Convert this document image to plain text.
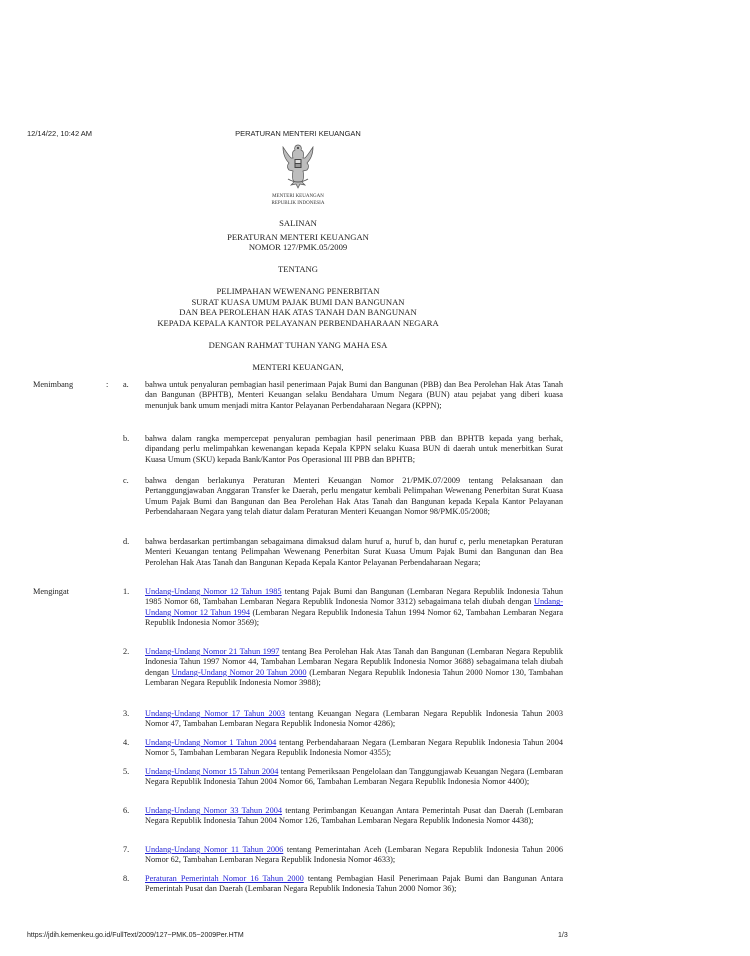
12/14/22, 10:42 AM	PERATURAN MENTERI KEUANGAN
MENTERI KEUANGAN
REPUBLIK INDONESIA
SALINAN
PERATURAN MENTERI KEUANGAN
NOMOR 127/PMK.05/2009
TENTANG
PELIMPAHAN WEWENANG PENERBITAN
SURAT KUASA UMUM PAJAK BUMI DAN BANGUNAN
DAN BEA PEROLEHAN HAK ATAS TANAH DAN BANGUNAN
KEPADA KEPALA KANTOR PELAYANAN PERBENDAHARAAN NEGARA
DENGAN RAHMAT TUHAN YANG MAHA ESA
MENTERI KEUANGAN,
Menimbang	: a. bahwa untuk penyaluran pembagian hasil penerimaan Pajak Bumi dan Bangunan (PBB) dan Bea Perolehan Hak Atas Tanah dan Bangunan (BPHTB), Menteri Keuangan selaku Bendahara Umum Negara (BUN) atau pejabat yang diberi kuasa menunjuk bank umum menjadi mitra Kantor Pelayanan Perbendaharaan Negara (KPPN);
b. bahwa dalam rangka mempercepat penyaluran pembagian hasil penerimaan PBB dan BPHTB kepada yang berhak, dipandang perlu melimpahkan kewenangan kepada Kepala KPPN selaku Kuasa BUN di daerah untuk menerbitkan Surat Kuasa Umum (SKU) kepada Bank/Kantor Pos Operasional III PBB dan BPHTB;
c. bahwa dengan berlakunya Peraturan Menteri Keuangan Nomor 21/PMK.07/2009 tentang Pelaksanaan dan Pertanggungjawaban Anggaran Transfer ke Daerah, perlu mengatur kembali Pelimpahan Wewenang Penerbitan Surat Kuasa Umum Pajak Bumi dan Bangunan dan Bea Perolehan Hak Atas Tanah dan Bangunan kepada Kepala Kantor Pelayanan Perbendaharaan Negara yang telah diatur dalam Peraturan Menteri Keuangan Nomor 98/PMK.05/2008;
d. bahwa berdasarkan pertimbangan sebagaimana dimaksud dalam huruf a, huruf b, dan huruf c, perlu menetapkan Peraturan Menteri Keuangan tentang Pelimpahan Wewenang Penerbitan Surat Kuasa Umum Pajak Bumi dan Bangunan dan Bea Perolehan Hak Atas Tanah dan Bangunan Kepada Kepala Kantor Pelayanan Perbendaharaan Negara;
Mengingat	1. Undang-Undang Nomor 12 Tahun 1985 tentang Pajak Bumi dan Bangunan (Lembaran Negara Republik Indonesia Tahun 1985 Nomor 68, Tambahan Lembaran Negara Republik Indonesia Nomor 3312) sebagaimana telah diubah dengan Undang-Undang Nomor 12 Tahun 1994 (Lembaran Negara Republik Indonesia Tahun 1994 Nomor 62, Tambahan Lembaran Negara Republik Indonesia Nomor 3569);
2. Undang-Undang Nomor 21 Tahun 1997 tentang Bea Perolehan Hak Atas Tanah dan Bangunan (Lembaran Negara Republik Indonesia Tahun 1997 Nomor 44, Tambahan Lembaran Negara Republik Indonesia Nomor 3688) sebagaimana telah diubah dengan Undang-Undang Nomor 20 Tahun 2000 (Lembaran Negara Republik Indonesia Tahun 2000 Nomor 130, Tambahan Lembaran Negara Republik Indonesia Nomor 3988);
3. Undang-Undang Nomor 17 Tahun 2003 tentang Keuangan Negara (Lembaran Negara Republik Indonesia Tahun 2003 Nomor 47, Tambahan Lembaran Negara Republik Indonesia Nomor 4286);
4. Undang-Undang Nomor 1 Tahun 2004 tentang Perbendaharaan Negara (Lembaran Negara Republik Indonesia Tahun 2004 Nomor 5, Tambahan Lembaran Negara Republik Indonesia Nomor 4355);
5. Undang-Undang Nomor 15 Tahun 2004 tentang Pemeriksaan Pengelolaan dan Tanggungjawab Keuangan Negara (Lembaran Negara Republik Indonesia Tahun 2004 Nomor 66, Tambahan Lembaran Negara Republik Indonesia Nomor 4400);
6. Undang-Undang Nomor 33 Tahun 2004 tentang Perimbangan Keuangan Antara Pemerintah Pusat dan Daerah (Lembaran Negara Republik Indonesia Tahun 2004 Nomor 126, Tambahan Lembaran Negara Republik Indonesia Nomor 4438);
7. Undang-Undang Nomor 11 Tahun 2006 tentang Pemerintahan Aceh (Lembaran Negara Republik Indonesia Tahun 2006 Nomor 62, Tambahan Lembaran Negara Republik Indonesia Nomor 4633);
8. Peraturan Pemerintah Nomor 16 Tahun 2000 tentang Pembagian Hasil Penerimaan Pajak Bumi dan Bangunan Antara Pemerintah Pusat dan Daerah (Lembaran Negara Republik Indonesia Tahun 2000 Nomor 36);
https://jdih.kemenkeu.go.id/FullText/2009/127~PMK.05~2009Per.HTM	1/3
